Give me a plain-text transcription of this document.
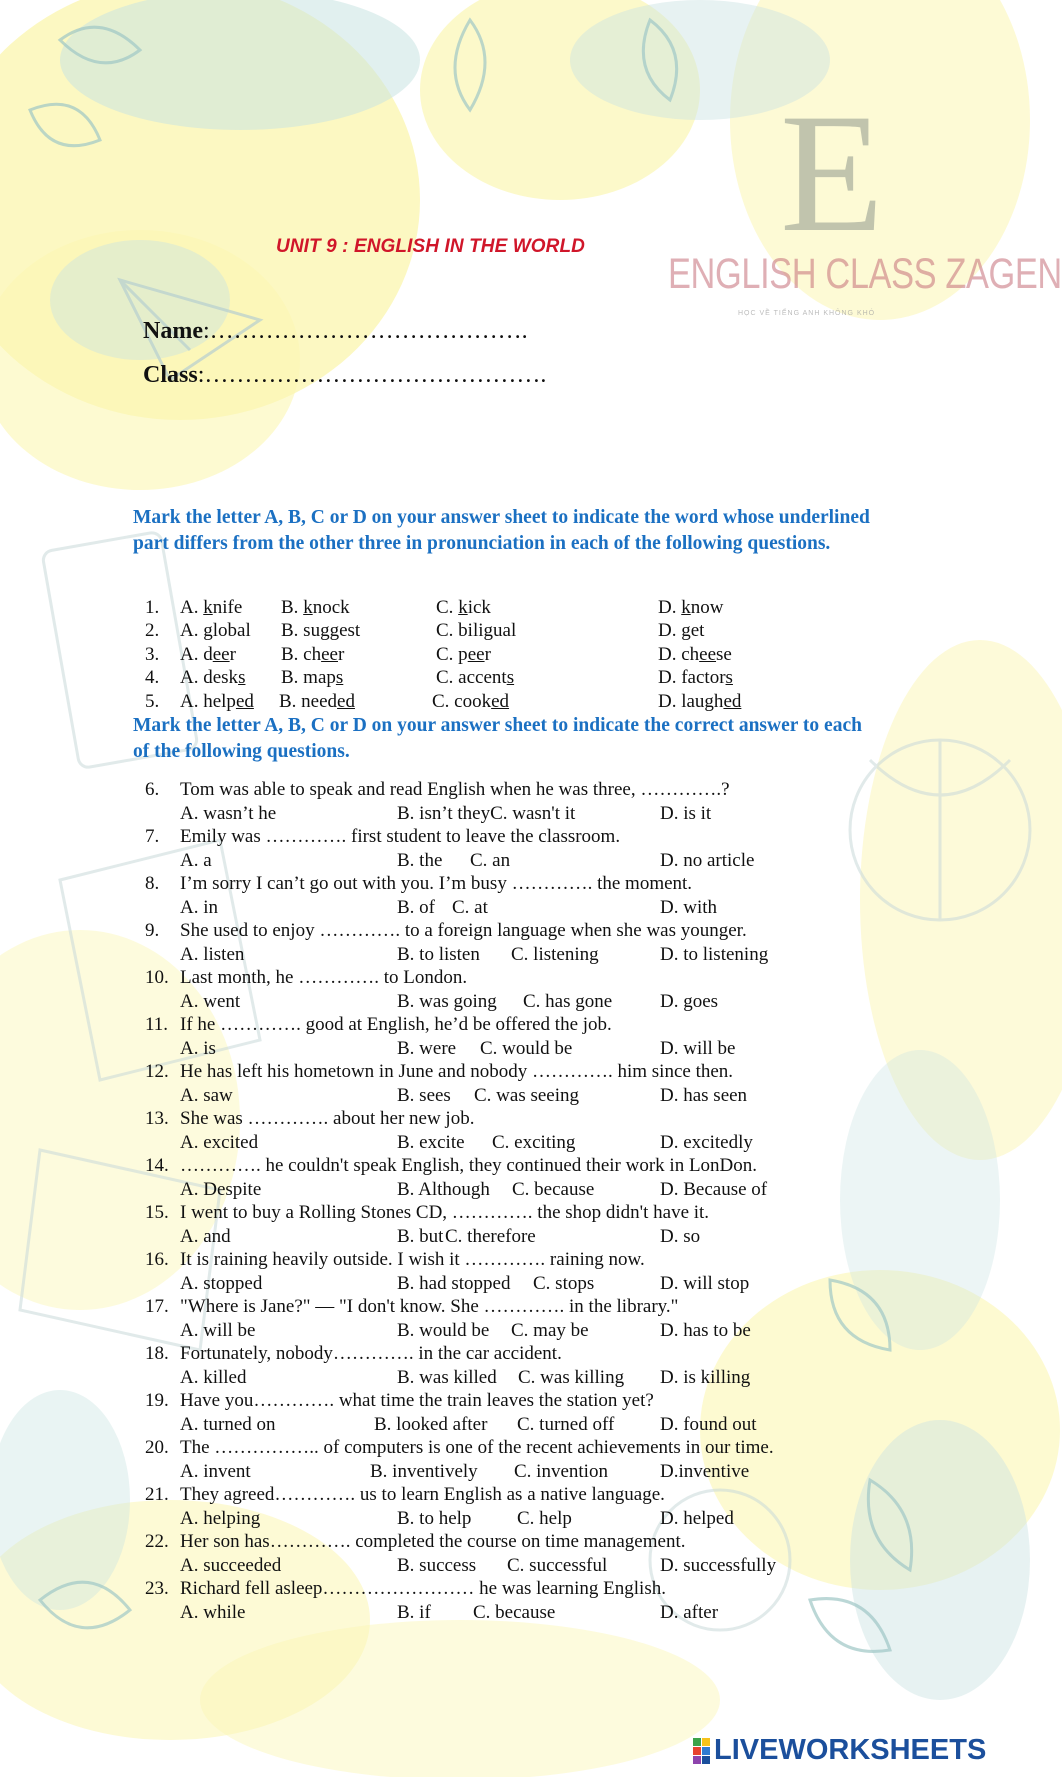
UNIT 9 : ENGLISH IN THE WORLD E
ENGLISH CLASS ZAGEN
HỌC VỀ TIẾNG ANH KHÔNG KHÓ
Name:………………………………….
Class:…………………………………….
Mark the letter A, B, C or D on your answer sheet to indicate the word whose underlined part differs from the other three in pronunciation in each of the following questions.
1. A. knife B. knock	C. kick	D. know
2. A. global B. suggest	C. biligual	D. get
3. A. deer B. cheer	C. peer	D. cheese
4. A. desks B. maps	C. accents	D. factors
5. A. helped B. needed	C. cooked	D. laughed
Mark the letter A, B, C or D on your answer sheet to indicate the correct answer to each of the following questions.
6.	Tom was able to speak and read English when he was three, ………….?
A. wasn’t he	B. isn’t theyC. wasn't it	D. is it
7.	Emily was …………. first student to leave the classroom.
A. a	B. the C. an	D. no article
8.	I’m sorry I can’t go out with you. I’m busy …………. the moment.
A. in	B. of C. at	D. with
9.	She used to enjoy …………. to a foreign language when she was younger.
A. listen	B. to listen C. listening	D. to listening
10. Last month, he …………. to London.
A. went	B. was going C. has gone	D. goes
11. If he …………. good at English, he’d be offered the job.
A. is	B. were C. would be	D. will be
12. He has left his hometown in June and nobody …………. him since then.
A. saw	B. sees C. was seeing	D. has seen
13. She was …………. about her new job.
A. excited	B. excite C. exciting	D. excitedly
14. …………. he couldn't speak English, they continued their work in LonDon.
A. Despite	B. Although C. because	D. Because of
15. I went to buy a Rolling Stones CD, …………. the shop didn't have it.
A. and	B. but C. therefore	D. so
16. It is raining heavily outside. I wish it …………. raining now.
A. stopped	B. had stopped C. stops	D. will stop
17. "Where is Jane?" — "I don't know. She …………. in the library."
A. will be	B. would be C. may be	D. has to be
18. Fortunately, nobody…………. in the car accident.
A. killed	B. was killed C. was killing D. is killing
19. Have you…………. what time the train leaves the station yet?
A. turned on	B. looked after C. turned off D. found out
20. The …………….. of computers is one of the recent achievements in our time.
A. invent	B. inventively C. invention	D.inventive
21. They agreed…………. us to learn English as a native language.
A. helping	B. to help C. help	D. helped
22. Her son has…………. completed the course on time management.
A. succeeded	B. success C. successful	D. successfully
23. Richard fell asleep…………………… he was learning English.
A. while	B. if C. because	D. after
LIVEWORKSHEETS
